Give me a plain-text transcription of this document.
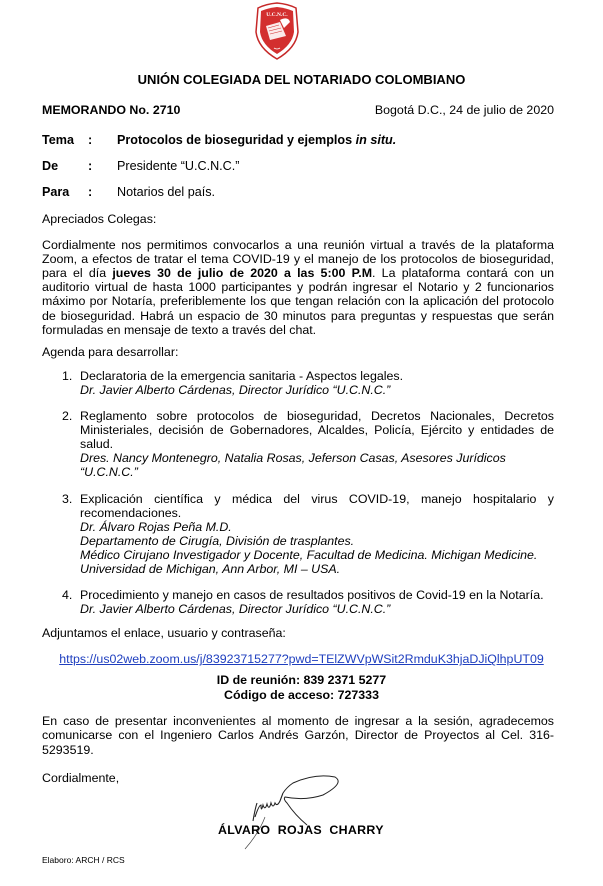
U.C.N.C.
UNIÓN COLEGIADA DEL NOTARIADO COLOMBIANO
MEMORANDO No. 2710	Bogotá D.C., 24 de julio de 2020
Tema : Protocolos de bioseguridad y ejemplos in situ.
De : Presidente “U.C.N.C.”
Para : Notarios del país.
Apreciados Colegas:
Cordialmente nos permitimos convocarlos a una reunión virtual a través de la plataforma Zoom, a efectos de tratar el tema COVID-19 y el manejo de los protocolos de bioseguridad, para el día jueves 30 de julio de 2020 a las 5:00 P.M. La plataforma contará con un auditorio virtual de hasta 1000 participantes y podrán ingresar el Notario y 2 funcionarios máximo por Notaría, preferiblemente los que tengan relación con la aplicación del protocolo de bioseguridad. Habrá un espacio de 30 minutos para preguntas y respuestas que serán formuladas en mensaje de texto a través del chat.
Agenda para desarrollar:
1. Declaratoria de la emergencia sanitaria - Aspectos legales.
Dr. Javier Alberto Cárdenas, Director Jurídico “U.C.N.C.”
2. Reglamento sobre protocolos de bioseguridad, Decretos Nacionales, Decretos Ministeriales, decisión de Gobernadores, Alcaldes, Policía, Ejército y entidades de salud.
Dres. Nancy Montenegro, Natalia Rosas, Jeferson Casas, Asesores Jurídicos “U.C.N.C.”
3. Explicación científica y médica del virus COVID-19, manejo hospitalario y recomendaciones.
Dr. Álvaro Rojas Peña M.D.
Departamento de Cirugía, División de trasplantes.
Médico Cirujano Investigador y Docente, Facultad de Medicina. Michigan Medicine.
Universidad de Michigan, Ann Arbor, MI – USA.
4. Procedimiento y manejo en casos de resultados positivos de Covid-19 en la Notaría.
Dr. Javier Alberto Cárdenas, Director Jurídico “U.C.N.C.”
Adjuntamos el enlace, usuario y contraseña:
https://us02web.zoom.us/j/83923715277?pwd=TElZWVpWSit2RmduK3hjaDJiQlhpUT09
ID de reunión: 839 2371 5277
Código de acceso: 727333
En caso de presentar inconvenientes al momento de ingresar a la sesión, agradecemos comunicarse con el Ingeniero Carlos Andrés Garzón, Director de Proyectos al Cel. 316-5293519.
Cordialmente,
ÁLVARO  ROJAS  CHARRY
Elaboro: ARCH / RCS
